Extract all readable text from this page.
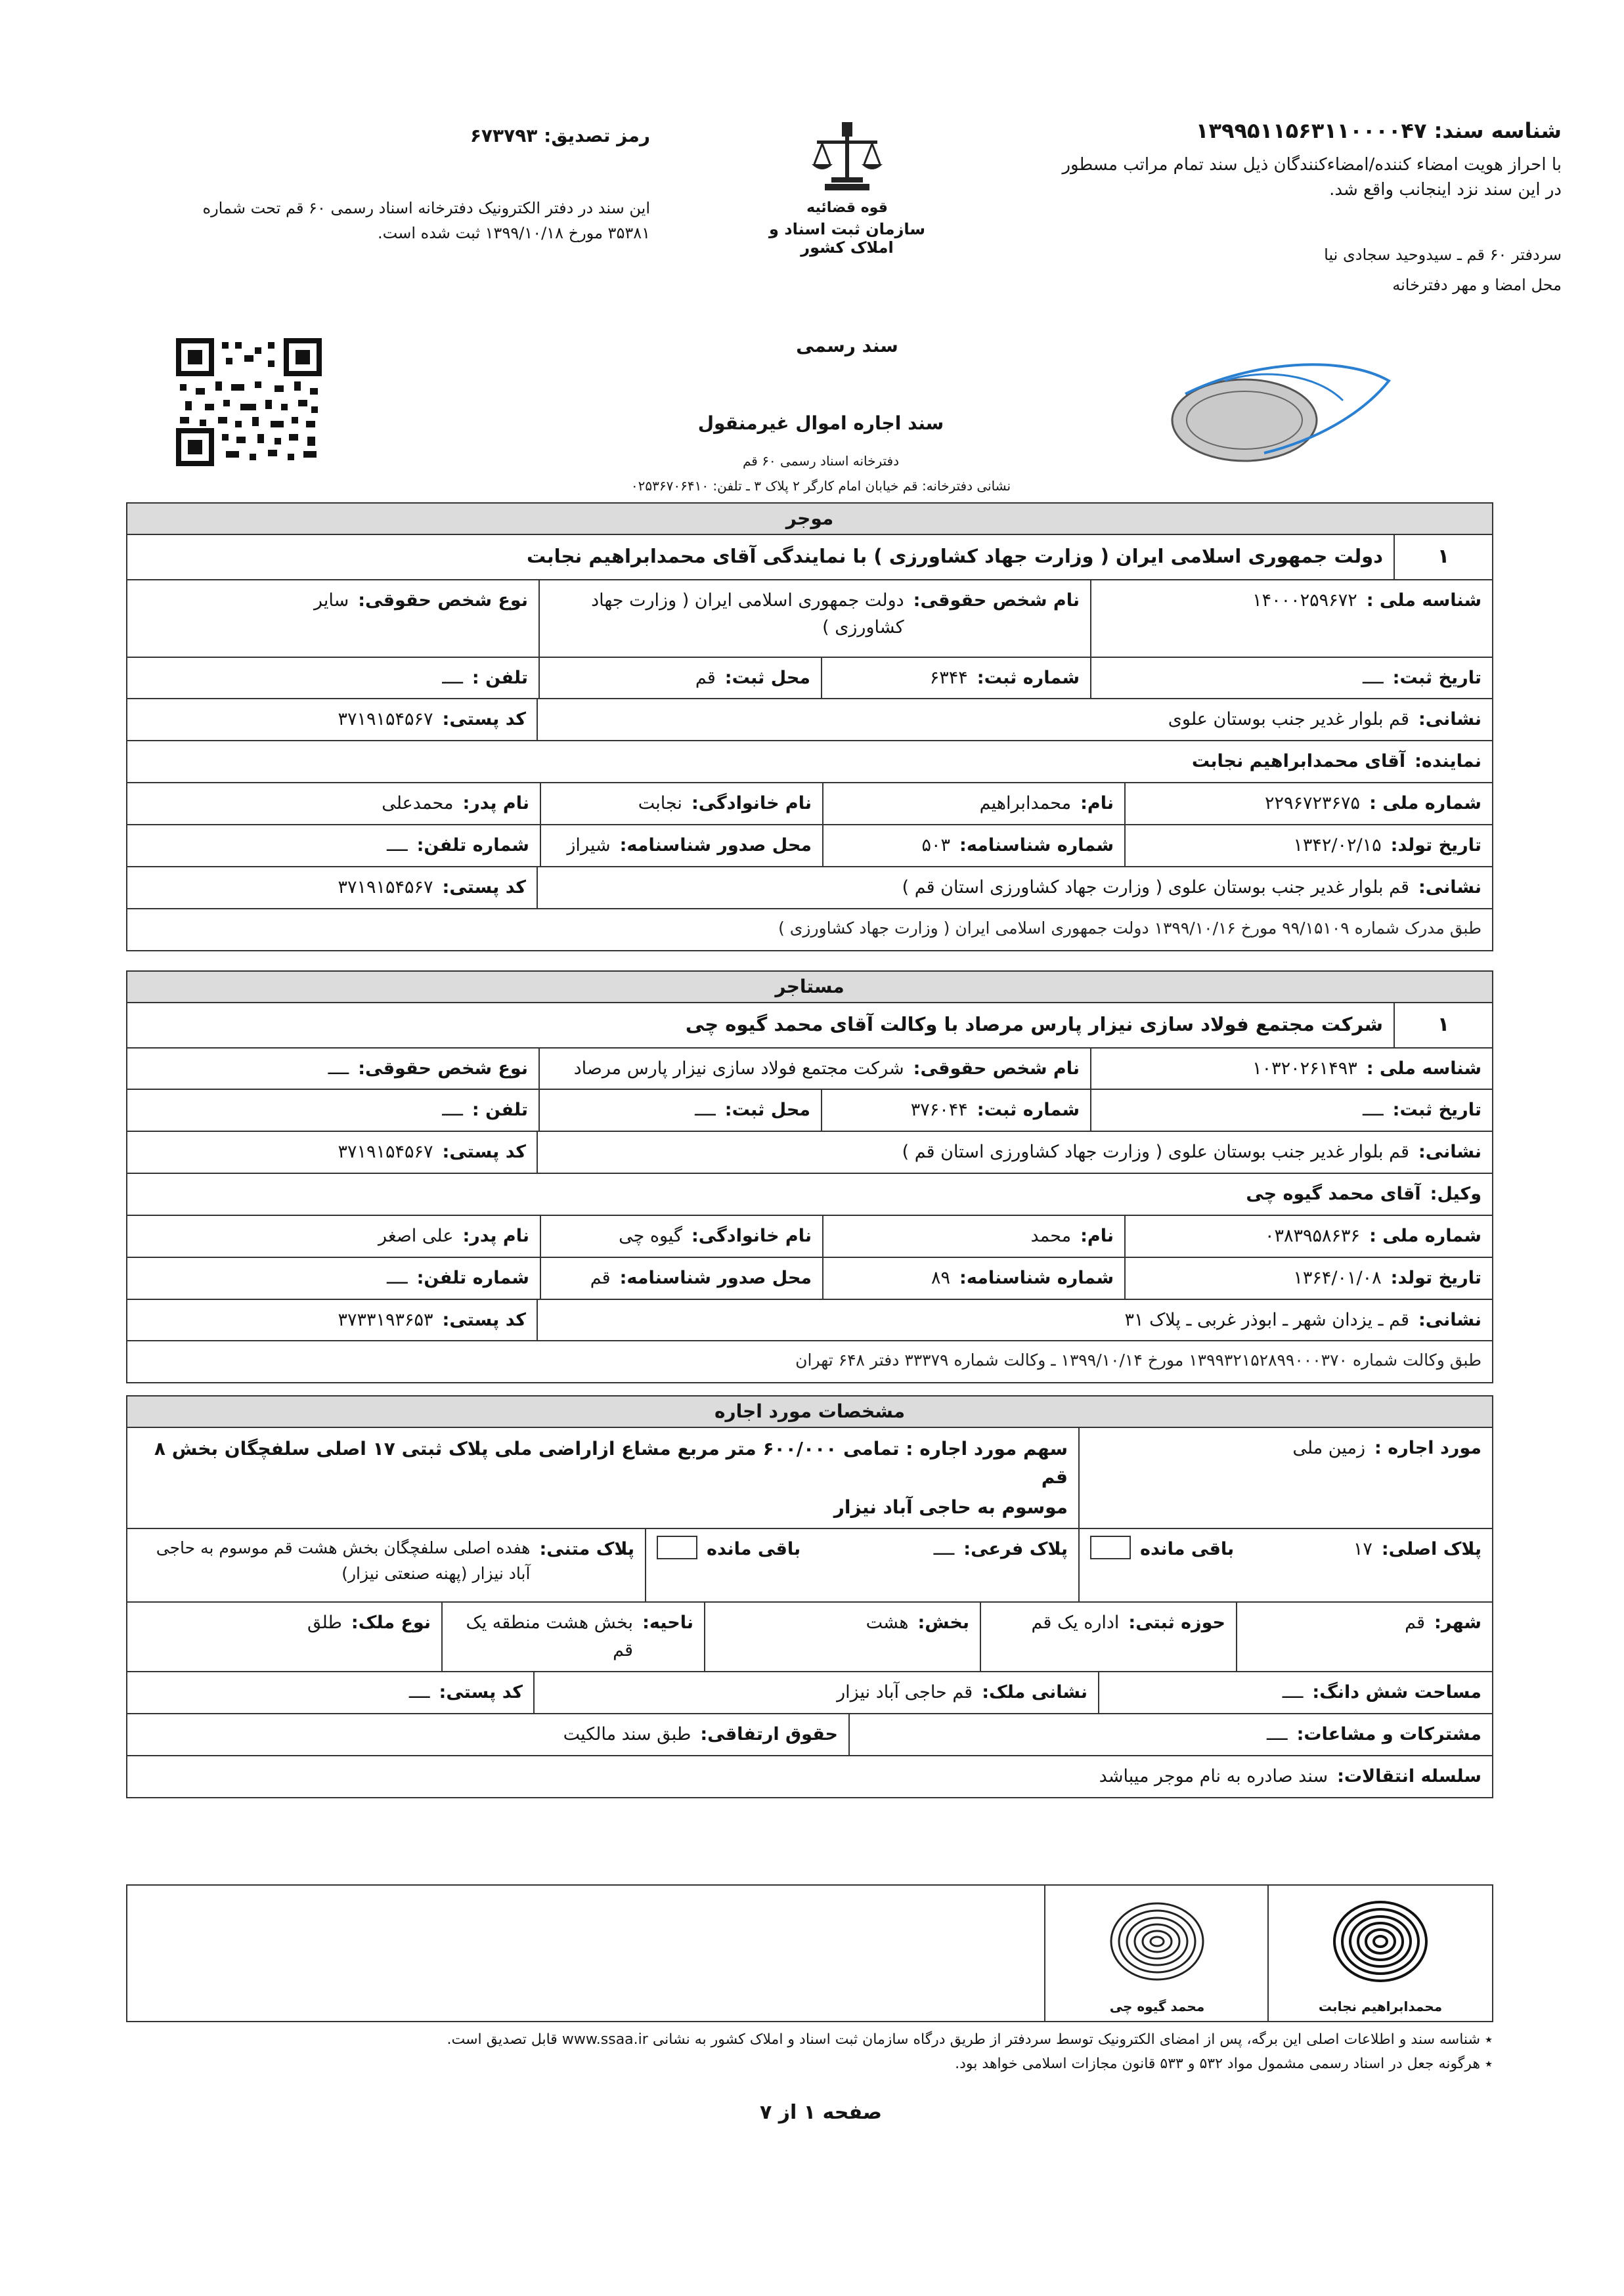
شناسه سند: ۱۳۹۹۵۱۱۵۶۳۱۱۰۰۰۰۴۷
با احراز هویت امضاء کننده/امضاءکنندگان ذیل سند تمام مراتب مسطور
در این سند نزد اینجانب واقع شد.
سردفتر ۶۰ قم ـ سیدوحید سجادی نیا
محل امضا و مهر دفترخانه
رمز تصدیق: ۶۷۳۷۹۳
این سند در دفتر الکترونیک دفترخانه اسناد رسمی ۶۰ قم تحت شماره
۳۵۳۸۱ مورخ ۱۳۹۹/۱۰/۱۸ ثبت شده است.
قوه قضائیه
سازمان ثبت اسناد و املاک کشور
سند رسمی
سند اجاره اموال غیرمنقول
دفترخانه اسناد رسمی ۶۰ قم
نشانی دفترخانه: قم خیابان امام کارگر ۲ پلاک ۳ ـ تلفن: ۰۲۵۳۶۷۰۶۴۱۰
موجر
۱
دولت جمهوری اسلامی ایران ( وزارت جهاد کشاورزی ) با نمایندگی آقای محمدابراهیم نجابت
شناسه ملی :
۱۴۰۰۰۲۵۹۶۷۲
نام شخص حقوقی:
دولت جمهوری اسلامی ایران ( وزارت جهاد کشاورزی )
نوع شخص حقوقی:
سایر
تاریخ ثبت:
ــــ
شماره ثبت:
۶۳۴۴
محل ثبت:
قم
تلفن :
ــــ
نشانی:
قم بلوار غدیر جنب بوستان علوی
کد پستی:
۳۷۱۹۱۵۴۵۶۷
نماینده:
آقای محمدابراهیم نجابت
شماره ملی :
۲۲۹۶۷۲۳۶۷۵
نام:
محمدابراهیم
نام خانوادگی:
نجابت
نام پدر:
محمدعلی
تاریخ تولد:
۱۳۴۲/۰۲/۱۵
شماره شناسنامه:
۵۰۳
محل صدور شناسنامه:
شیراز
شماره تلفن:
ــــ
نشانی:
قم بلوار غدیر جنب بوستان علوی ( وزارت جهاد کشاورزی استان قم )
کد پستی:
۳۷۱۹۱۵۴۵۶۷
طبق مدرک شماره ۹۹/۱۵۱۰۹ مورخ ۱۳۹۹/۱۰/۱۶ دولت جمهوری اسلامی ایران ( وزارت جهاد کشاورزی )
مستاجر
۱
شرکت مجتمع فولاد سازی نیزار پارس مرصاد با وکالت آقای محمد گیوه چی
شناسه ملی :
۱۰۳۲۰۲۶۱۴۹۳
نام شخص حقوقی:
شرکت مجتمع فولاد سازی نیزار پارس مرصاد
نوع شخص حقوقی:
ــــ
تاریخ ثبت:
ــــ
شماره ثبت:
۳۷۶۰۴۴
محل ثبت:
ــــ
تلفن :
ــــ
نشانی:
قم بلوار غدیر جنب بوستان علوی ( وزارت جهاد کشاورزی استان قم )
کد پستی:
۳۷۱۹۱۵۴۵۶۷
وکیل:
آقای محمد گیوه چی
شماره ملی :
۰۳۸۳۹۵۸۶۳۶
نام:
محمد
نام خانوادگی:
گیوه چی
نام پدر:
علی اصغر
تاریخ تولد:
۱۳۶۴/۰۱/۰۸
شماره شناسنامه:
۸۹
محل صدور شناسنامه:
قم
شماره تلفن:
ــــ
نشانی:
قم ـ یزدان شهر ـ ابوذر غربی ـ پلاک ۳۱
کد پستی:
۳۷۳۳۱۹۳۶۵۳
طبق وکالت شماره ۱۳۹۹۳۲۱۵۲۸۹۹۰۰۰۳۷۰ مورخ ۱۳۹۹/۱۰/۱۴ ـ وکالت شماره ۳۳۳۷۹ دفتر ۶۴۸ تهران
مشخصات مورد اجاره
مورد اجاره :
زمین ملی
سهم مورد اجاره : تمامی ۶۰۰/۰۰۰ متر مربع مشاع ازاراضی ملی پلاک ثبتی ۱۷ اصلی سلفچگان بخش ۸ قم
موسوم به حاجی آباد نیزار
پلاک اصلی:
۱۷
باقی مانده
پلاک فرعی:
ــــ
باقی مانده
پلاک متنی:
هفده اصلی سلفچگان بخش هشت قم موسوم به حاجی آباد نیزار (پهنه صنعتی نیزار)
شهر:
قم
حوزه ثبتی:
اداره یک قم
بخش:
هشت
ناحیه:
بخش هشت منطقه یک قم
نوع ملک:
طلق
مساحت شش دانگ:
ــــ
نشانی ملک:
قم حاجی آباد نیزار
کد پستی:
ــــ
مشترکات و مشاعات:
ــــ
حقوق ارتفاقی:
طبق سند مالکیت
سلسله انتقالات:
سند صادره به نام موجر میباشد
محمدابراهیم نجابت
محمد گیوه چی
٭ شناسه سند و اطلاعات اصلی این برگه، پس از امضای الکترونیک توسط سردفتر از طریق درگاه سازمان ثبت اسناد و املاک کشور به نشانی www.ssaa.ir قابل تصدیق است.
٭ هرگونه جعل در اسناد رسمی مشمول مواد ۵۳۲ و ۵۳۳ قانون مجازات اسلامی خواهد بود.
صفحه ۱ از ۷
